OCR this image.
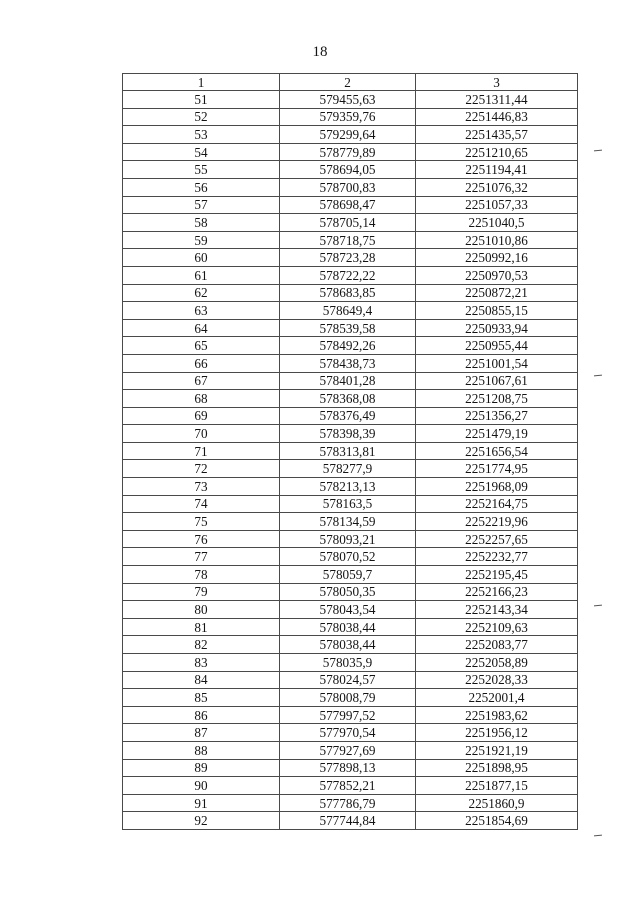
18
1	2	3
51	579455,63	2251311,44
52	579359,76	2251446,83
53	579299,64	2251435,57
54	578779,89	2251210,65
55	578694,05	2251194,41
56	578700,83	2251076,32
57	578698,47	2251057,33
58	578705,14	2251040,5
59	578718,75	2251010,86
60	578723,28	2250992,16
61	578722,22	2250970,53
62	578683,85	2250872,21
63	578649,4	2250855,15
64	578539,58	2250933,94
65	578492,26	2250955,44
66	578438,73	2251001,54
67	578401,28	2251067,61
68	578368,08	2251208,75
69	578376,49	2251356,27
70	578398,39	2251479,19
71	578313,81	2251656,54
72	578277,9	2251774,95
73	578213,13	2251968,09
74	578163,5	2252164,75
75	578134,59	2252219,96
76	578093,21	2252257,65
77	578070,52	2252232,77
78	578059,7	2252195,45
79	578050,35	2252166,23
80	578043,54	2252143,34
81	578038,44	2252109,63
82	578038,44	2252083,77
83	578035,9	2252058,89
84	578024,57	2252028,33
85	578008,79	2252001,4
86	577997,52	2251983,62
87	577970,54	2251956,12
88	577927,69	2251921,19
89	577898,13	2251898,95
90	577852,21	2251877,15
91	577786,79	2251860,9
92	577744,84	2251854,69
